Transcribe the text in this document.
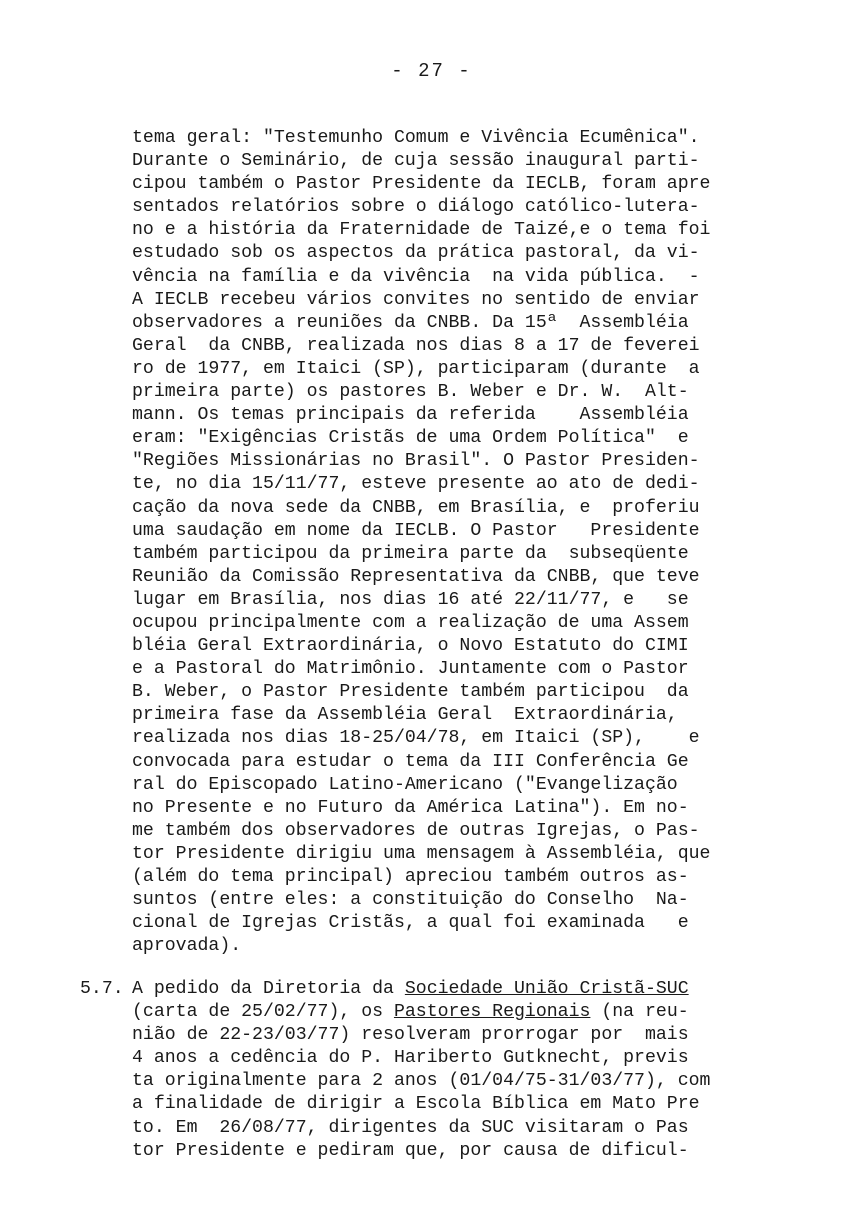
- 27 -
tema geral: "Testemunho Comum e Vivência Ecumênica".
Durante o Seminário, de cuja sessão inaugural parti-
cipou também o Pastor Presidente da IECLB, foram apre
sentados relatórios sobre o diálogo católico-lutera-
no e a história da Fraternidade de Taizé,e o tema foi
estudado sob os aspectos da prática pastoral, da vi-
vência na família e da vivência  na vida pública.  -
A IECLB recebeu vários convites no sentido de enviar
observadores a reuniões da CNBB. Da 15ª  Assembléia
Geral  da CNBB, realizada nos dias 8 a 17 de feverei
ro de 1977, em Itaici (SP), participaram (durante  a
primeira parte) os pastores B. Weber e Dr. W.  Alt-
mann. Os temas principais da referida    Assembléia
eram: "Exigências Cristãs de uma Ordem Política"  e
"Regiões Missionárias no Brasil". O Pastor Presiden-
te, no dia 15/11/77, esteve presente ao ato de dedi-
cação da nova sede da CNBB, em Brasília, e  proferiu
uma saudação em nome da IECLB. O Pastor   Presidente
também participou da primeira parte da  subseqüente
Reunião da Comissão Representativa da CNBB, que teve
lugar em Brasília, nos dias 16 até 22/11/77, e   se
ocupou principalmente com a realização de uma Assem
bléia Geral Extraordinária, o Novo Estatuto do CIMI
e a Pastoral do Matrimônio. Juntamente com o Pastor
B. Weber, o Pastor Presidente também participou  da
primeira fase da Assembléia Geral  Extraordinária,
realizada nos dias 18-25/04/78, em Itaici (SP),    e
convocada para estudar o tema da III Conferência Ge
ral do Episcopado Latino-Americano ("Evangelização
no Presente e no Futuro da América Latina"). Em no-
me também dos observadores de outras Igrejas, o Pas-
tor Presidente dirigiu uma mensagem à Assembléia, que
(além do tema principal) apreciou também outros as-
suntos (entre eles: a constituição do Conselho  Na-
cional de Igrejas Cristãs, a qual foi examinada   e
aprovada).
5.7. A pedido da Diretoria da Sociedade União Cristã-SUC
(carta de 25/02/77), os Pastores Regionais (na reu-
nião de 22-23/03/77) resolveram prorrogar por  mais
4 anos a cedência do P. Hariberto Gutknecht, previs
ta originalmente para 2 anos (01/04/75-31/03/77), com
a finalidade de dirigir a Escola Bíblica em Mato Pre
to. Em  26/08/77, dirigentes da SUC visitaram o Pas
tor Presidente e pediram que, por causa de dificul-
